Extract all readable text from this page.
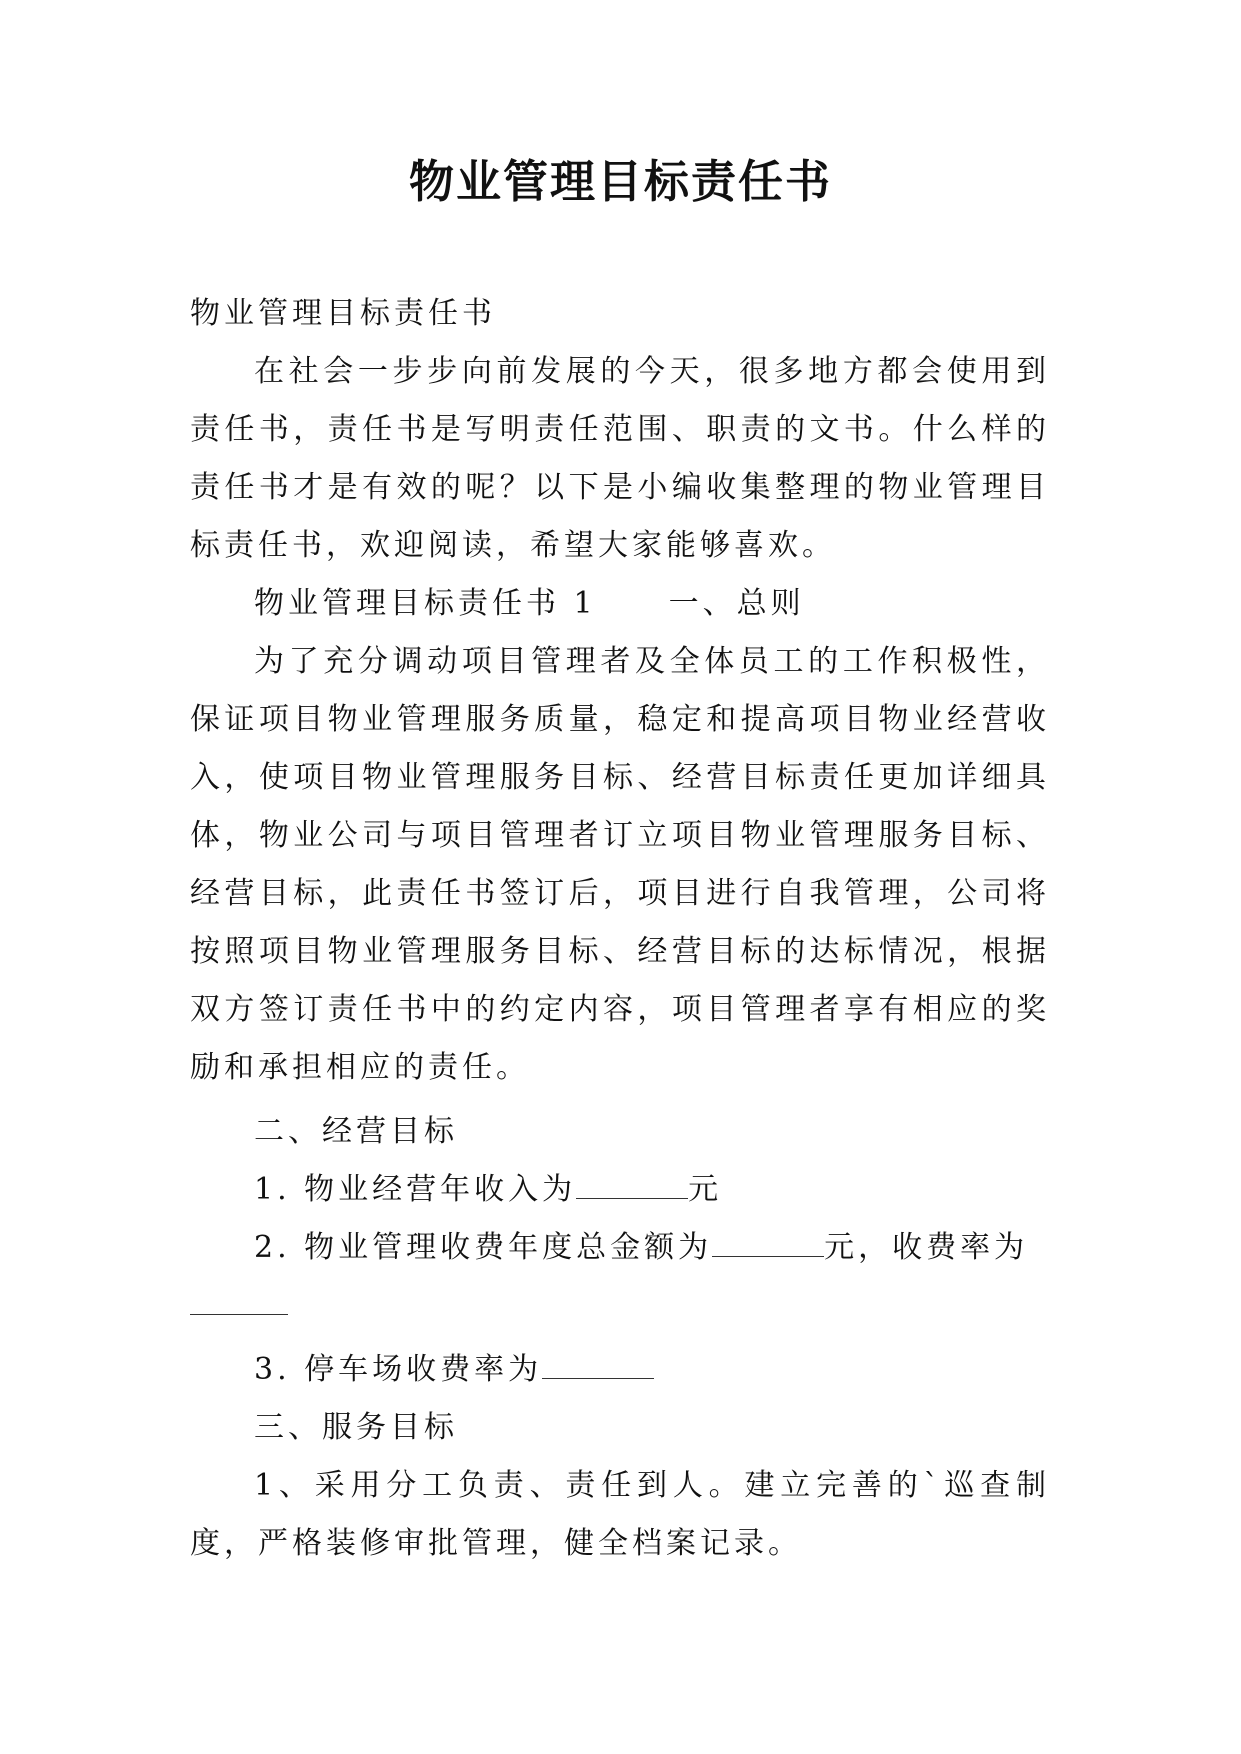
物业管理目标责任书

物业管理目标责任书

在社会一步步向前发展的今天，很多地方都会使用到责任书，责任书是写明责任范围、职责的文书。什么样的责任书才是有效的呢？以下是小编收集整理的物业管理目标责任书，欢迎阅读，希望大家能够喜欢。

物业管理目标责任书 1 一、总则

为了充分调动项目管理者及全体员工的工作积极性，保证项目物业管理服务质量，稳定和提高项目物业经营收入，使项目物业管理服务目标、经营目标责任更加详细具体，物业公司与项目管理者订立项目物业管理服务目标、经营目标，此责任书签订后，项目进行自我管理，公司将按照项目物业管理服务目标、经营目标的达标情况，根据双方签订责任书中的约定内容，项目管理者享有相应的奖励和承担相应的责任。

二、经营目标

1. 物业经营年收入为	元

2. 物业管理收费年度总金额为	元，收费率为

3. 停车场收费率为

三、服务目标

1、采用分工负责、责任到人。建立完善的`巡查制度，严格装修审批管理，健全档案记录。
